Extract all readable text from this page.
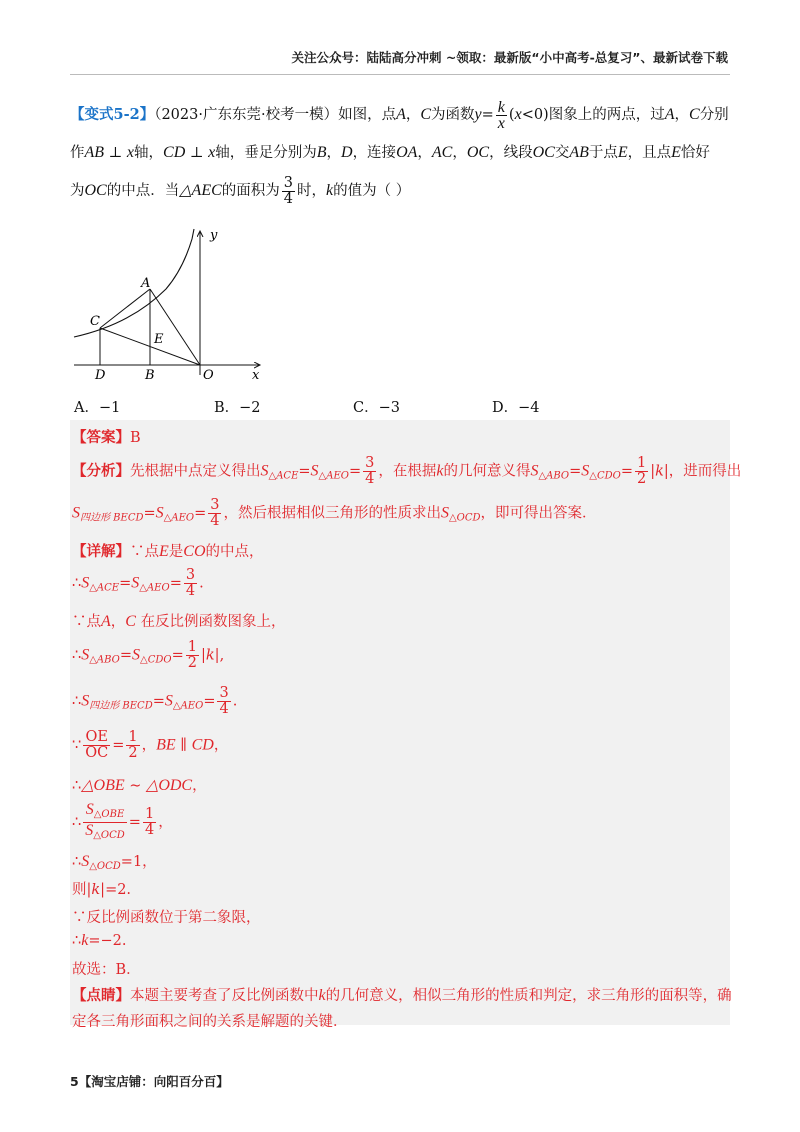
关注公众号：陆陆高分冲刺 ~领取：最新版“小中高考-总复习”、最新试卷下载
【变式5-2】（2023·广东东莞·校考一模）如图，点A，C为函数$y= \frac{k}{x} (x<0)$图象上的两点，过A，C分别
作AB ⊥ x轴，CD ⊥ x轴，垂足分别为B，D，连接OA，AC，OC，线段OC交AB于点E，且点E恰好
为OC的中点．当△AEC的面积为 $\frac{3}{4}$ 时，k的值为（ ）
y
x
A
C
E
D	B	O
A．−1	B．−2	C．−3	D．−4
【答案】B
【分析】先根据中点定义得出$S_{\triangle ACE}=S_{\triangle AEO}= \frac{3}{4}$ ，在根据k的几何意义得$S_{\triangle ABO}=S_{\triangle CDO}= \frac{1}{2} |k|$，进而得出
$S_{四边形 BECD}=S_{\triangle AEO}= \frac{3}{4}$ ，然后根据相似三角形的性质求出$S_{\triangle OCD}$，即可得出答案．
【详解】∵点E是CO的中点，
$\therefore S_{\triangle ACE}=S_{\triangle AEO}= \frac{3}{4}$ .
∵点A，C 在反比例函数图象上，
$\therefore S_{\triangle ABO}=S_{\triangle CDO}= \frac{1}{2} |k|$,
$\therefore S_{四边形 BECD}=S_{\triangle AEO}= \frac{3}{4}$ .
∵ $\frac{OE}{OC} = \frac{1}{2}$ ，BE ∥ CD，
∴△OBE ∼ △ODC，
∴ $\frac{S_{\triangle OBE}}{S_{\triangle OCD}} = \frac{1}{4}$ ，
$\therefore S_{\triangle OCD}=1$，
则|k|=2.
∵反比例函数位于第二象限，
∴k=−2.
故选：B．
【点睛】本题主要考查了反比例函数中k的几何意义，相似三角形的性质和判定，求三角形的面积等，确
定各三角形面积之间的关系是解题的关键．
5【淘宝店铺：向阳百分百】
